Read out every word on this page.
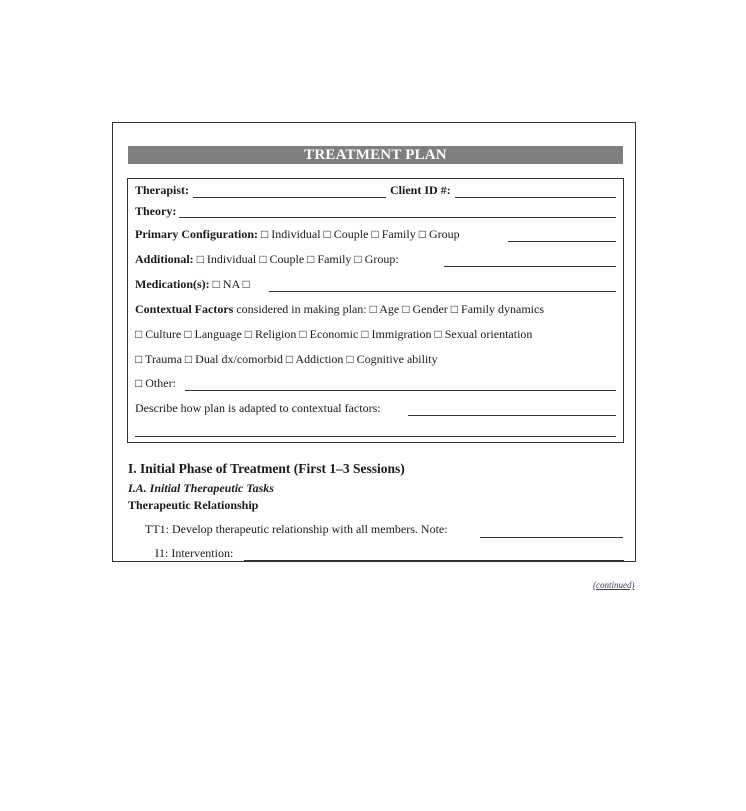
TREATMENT PLAN
Therapist:	Client ID #:
Theory:
Primary Configuration: □ Individual □ Couple □ Family □ Group
Additional: □ Individual □ Couple □ Family □ Group:
Medication(s): □ NA □
Contextual Factors considered in making plan: □ Age □ Gender □ Family dynamics
□ Culture □ Language □ Religion □ Economic □ Immigration □ Sexual orientation
□ Trauma □ Dual dx/comorbid □ Addiction □ Cognitive ability
□ Other:
Describe how plan is adapted to contextual factors:
I. Initial Phase of Treatment (First 1–3 Sessions)
I.A. Initial Therapeutic Tasks
Therapeutic Relationship
TT1: Develop therapeutic relationship with all members. Note:
I1: Intervention:
(continued)
